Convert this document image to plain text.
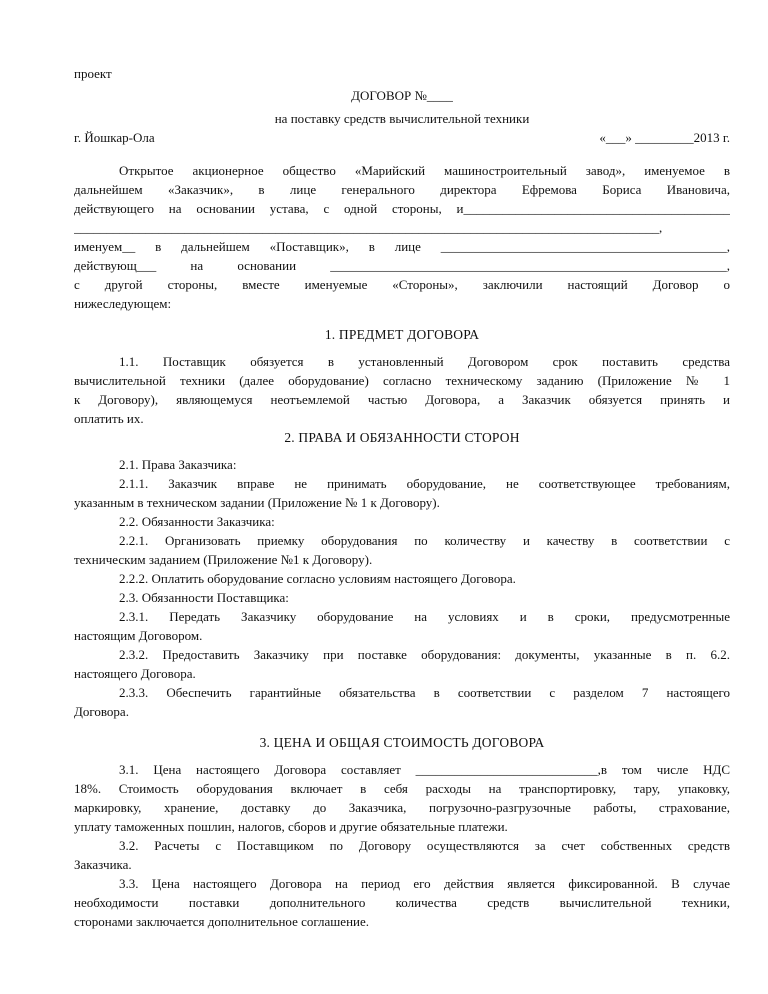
проект
ДОГОВОР №____
на поставку средств вычислительной техники
г. Йошкар-Ола	«___» _________2013 г.
Открытое акционерное общество «Марийский машиностроительный завод», именуемое в
дальнейшем «Заказчик», в лице генерального директора Ефремова Бориса Ивановича,
действующего на основании устава, с одной стороны, и_________________________________________
__________________________________________________________________________________________,
именуем__ в дальнейшем «Поставщик», в лице ____________________________________________,
действующ___ на основании _____________________________________________________________,
с другой стороны, вместе именуемые «Стороны», заключили настоящий Договор о
нижеследующем:
1. ПРЕДМЕТ ДОГОВОРА
1.1. Поставщик обязуется в установленный Договором срок поставить средства
вычислительной техники (далее оборудование) согласно техническому заданию (Приложение № 1
к Договору), являющемуся неотъемлемой частью Договора, а Заказчик обязуется принять и
оплатить их.
2. ПРАВА И ОБЯЗАННОСТИ СТОРОН
2.1. Права Заказчика:
2.1.1. Заказчик вправе не принимать оборудование, не соответствующее требованиям,
указанным в техническом задании (Приложение № 1 к Договору).
2.2. Обязанности Заказчика:
2.2.1. Организовать приемку оборудования по количеству и качеству в соответствии с
техническим заданием (Приложение №1 к Договору).
2.2.2. Оплатить оборудование согласно условиям настоящего Договора.
2.3. Обязанности Поставщика:
2.3.1. Передать Заказчику оборудование на условиях и в сроки, предусмотренные
настоящим Договором.
2.3.2. Предоставить Заказчику при поставке оборудования: документы, указанные в п. 6.2.
настоящего Договора.
2.3.3. Обеспечить гарантийные обязательства в соответствии с разделом 7 настоящего
Договора.
3. ЦЕНА И ОБЩАЯ СТОИМОСТЬ ДОГОВОРА
3.1. Цена настоящего Договора составляет ____________________________,в том числе НДС
18%. Стоимость оборудования включает в себя расходы на транспортировку, тару, упаковку,
маркировку, хранение, доставку до Заказчика, погрузочно-разгрузочные работы, страхование,
уплату таможенных пошлин, налогов, сборов и другие обязательные платежи.
3.2. Расчеты с Поставщиком по Договору осуществляются за счет собственных средств
Заказчика.
3.3. Цена настоящего Договора на период его действия является фиксированной. В случае
необходимости поставки дополнительного количества средств вычислительной техники,
сторонами заключается дополнительное соглашение.
